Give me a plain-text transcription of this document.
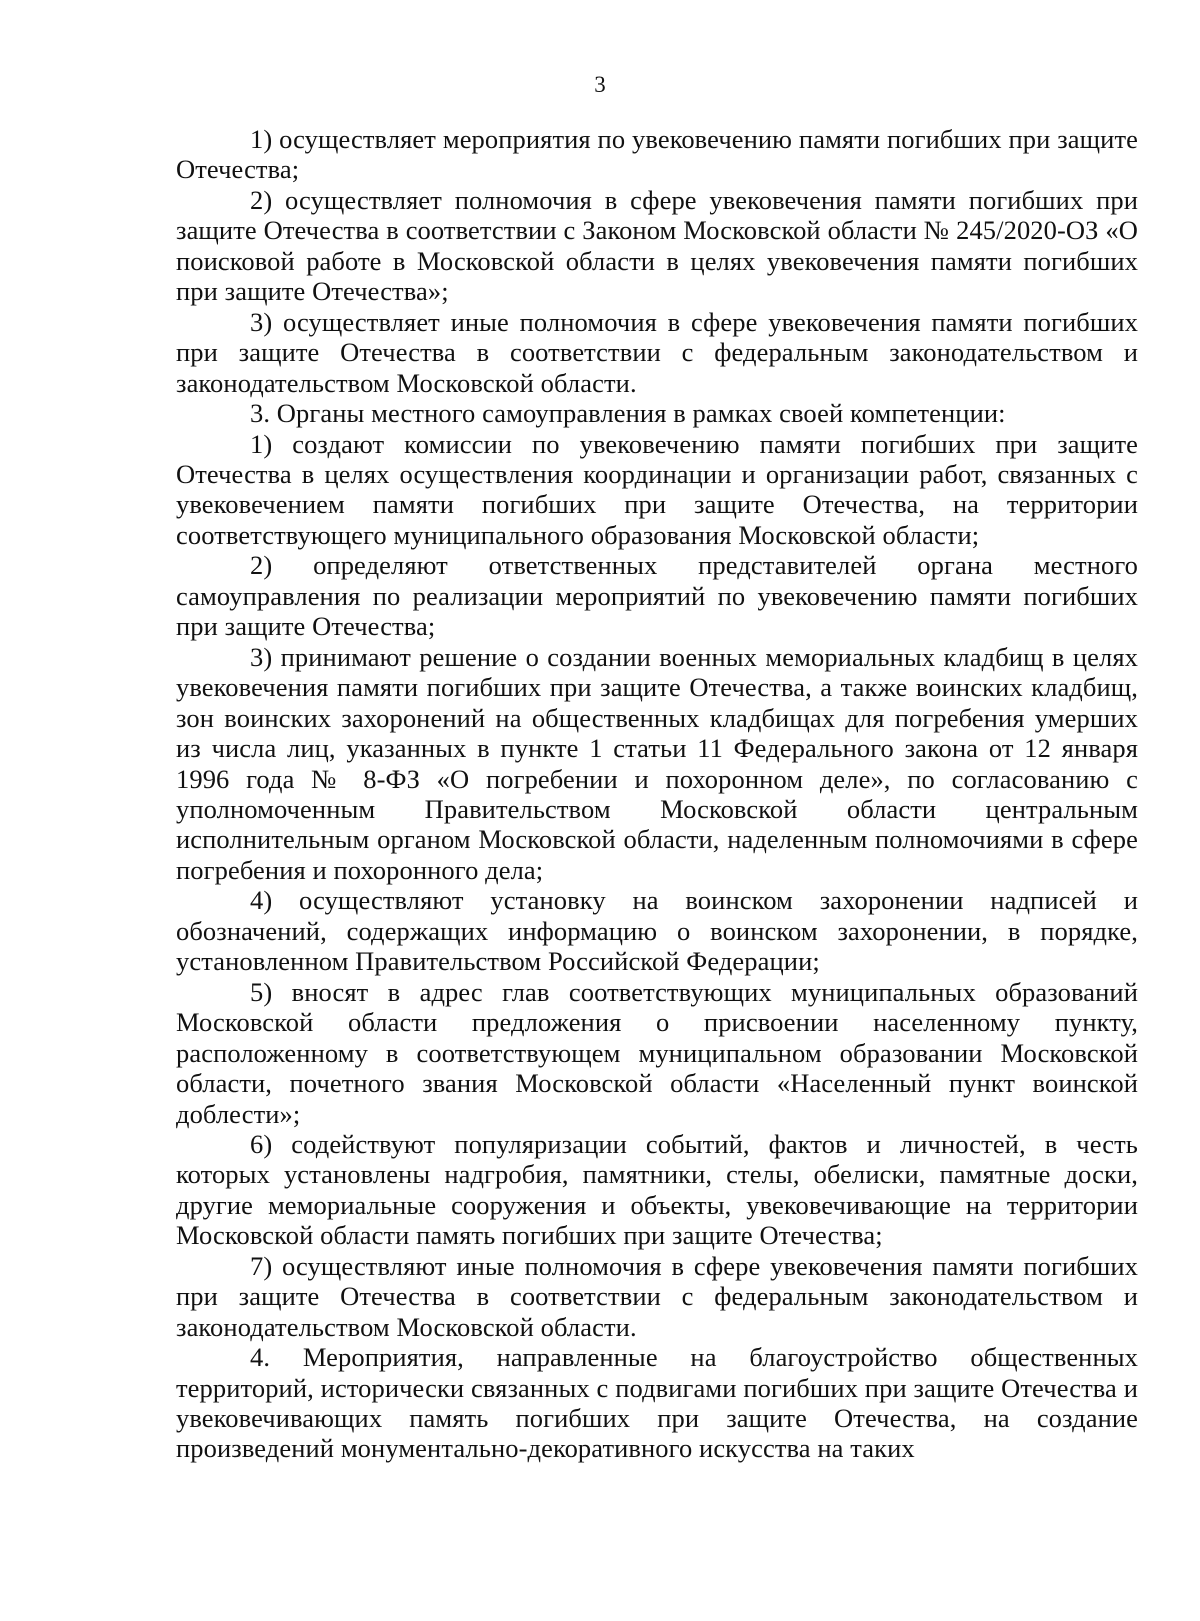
3

1) осуществляет мероприятия по увековечению памяти погибших при защите Отечества;

2) осуществляет полномочия в сфере увековечения памяти погибших при защите Отечества в соответствии с Законом Московской области № 245/2020-ОЗ «О поисковой работе в Московской области в целях увековечения памяти погибших при защите Отечества»;

3) осуществляет иные полномочия в сфере увековечения памяти погибших при защите Отечества в соответствии с федеральным законодательством и законодательством Московской области.

3. Органы местного самоуправления в рамках своей компетенции:

1) создают комиссии по увековечению памяти погибших при защите Отечества в целях осуществления координации и организации работ, связанных с увековечением памяти погибших при защите Отечества, на территории соответствующего муниципального образования Московской области;

2) определяют ответственных представителей органа местного самоуправления по реализации мероприятий по увековечению памяти погибших при защите Отечества;

3) принимают решение о создании военных мемориальных кладбищ в целях увековечения памяти погибших при защите Отечества, а также воинских кладбищ, зон воинских захоронений на общественных кладбищах для погребения умерших из числа лиц, указанных в пункте 1 статьи 11 Федерального закона от 12 января 1996 года № 8-ФЗ «О погребении и похоронном деле», по согласованию с уполномоченным Правительством Московской области центральным исполнительным органом Московской области, наделенным полномочиями в сфере погребения и похоронного дела;

4) осуществляют установку на воинском захоронении надписей и обозначений, содержащих информацию о воинском захоронении, в порядке, установленном Правительством Российской Федерации;

5) вносят в адрес глав соответствующих муниципальных образований Московской области предложения о присвоении населенному пункту, расположенному в соответствующем муниципальном образовании Московской области, почетного звания Московской области «Населенный пункт воинской доблести»;

6) содействуют популяризации событий, фактов и личностей, в честь которых установлены надгробия, памятники, стелы, обелиски, памятные доски, другие мемориальные сооружения и объекты, увековечивающие на территории Московской области память погибших при защите Отечества;

7) осуществляют иные полномочия в сфере увековечения памяти погибших при защите Отечества в соответствии с федеральным законодательством и законодательством Московской области.

4. Мероприятия, направленные на благоустройство общественных территорий, исторически связанных с подвигами погибших при защите Отечества и увековечивающих память погибших при защите Отечества, на создание произведений монументально-декоративного искусства на таких
